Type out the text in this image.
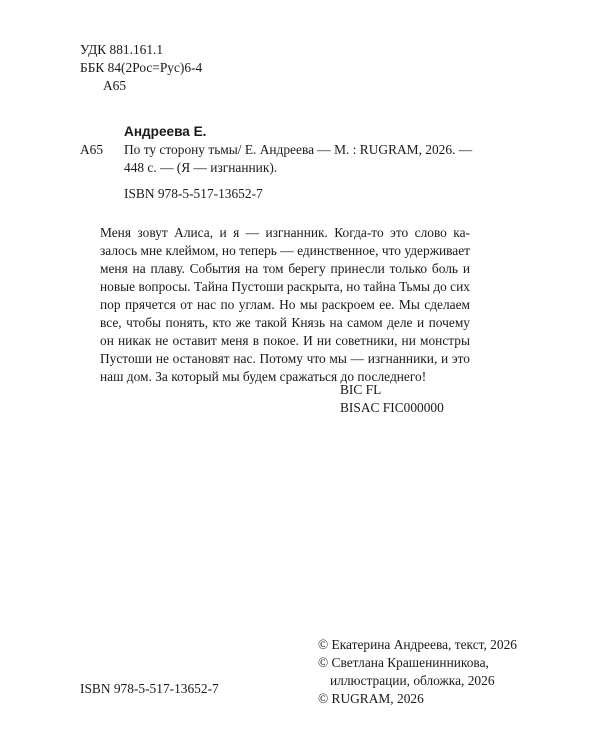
УДК 881.161.1
ББК 84(2Рос=Рус)6-4
А65
Андреева Е.
А65 По ту сторону тьмы/ Е. Андреева — М. : RUGRAM, 2026. —
448 с. — (Я — изгнанник).
ISBN 978-5-517-13652-7
Меня зовут Алиса, и я — изгнанник. Когда-то это слово ка-
залось мне клеймом, но теперь — единственное, что удерживает
меня на плаву. События на том берегу принесли только боль и
новые вопросы. Тайна Пустоши раскрыта, но тайна Тьмы до сих
пор прячется от нас по углам. Но мы раскроем ее. Мы сделаем
все, чтобы понять, кто же такой Князь на самом деле и почему
он никак не оставит меня в покое. И ни советники, ни монстры
Пустоши не остановят нас. Потому что мы — изгнанники, и это
наш дом. За который мы будем сражаться до последнего!
BIC FL
BISAC FIC000000
ISBN 978-5-517-13652-7
© Екатерина Андреева, текст, 2026
© Светлана Крашенинникова,
иллюстрации, обложка, 2026
© RUGRAM, 2026
